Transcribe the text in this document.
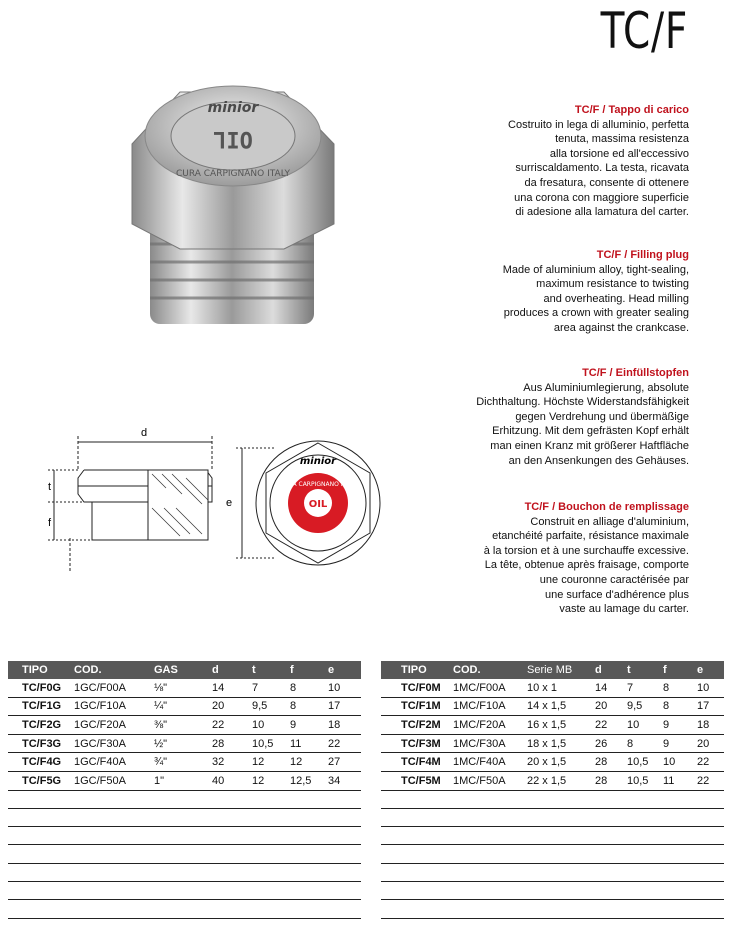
TC/F
minior
OIL
CURA CARPIGNANO ITALY
d
t
f
e
minior
OIL
CURA CARPIGNANO ITALY
TC/F / Tappo di carico

Costruito in lega di alluminio, perfetta
tenuta, massima resistenza
alla torsione ed all'eccessivo
surriscaldamento. La testa, ricavata
da fresatura, consente di ottenere
una corona con maggiore superficie
di adesione alla lamatura del carter.

TC/F / Filling plug

Made of aluminium alloy, tight-sealing,
maximum resistance to twisting
and overheating. Head milling
produces a crown with greater sealing
area against the crankcase.

TC/F / Einfüllstopfen

Aus Aluminiumlegierung, absolute
Dichthaltung. Höchste Widerstandsfähigkeit
gegen Verdrehung und übermäßige
Erhitzung. Mit dem gefrästen Kopf erhält
man einen Kranz mit größerer Haftfläche
an den Ansenkungen des Gehäuses.

TC/F / Bouchon de remplissage

Construit en alliage d'aluminium,
etanchéité parfaite, résistance maximale
à la torsion et à une surchauffe excessive.
La tête, obtenue après fraisage, comporte
une couronne caractérisée par
une surface d'adhérence plus
vaste au lamage du carter.

TIPO	COD.	GAS	d	t	f	e
TC/F0G	1GC/F00A	⅛"	14	7	8	10
TC/F1G	1GC/F10A	¼"	20	9,5	8	17
TC/F2G	1GC/F20A	⅜"	22	10	9	18
TC/F3G	1GC/F30A	½"	28	10,5	11	22
TC/F4G	1GC/F40A	¾"	32	12	12	27
TC/F5G	1GC/F50A	1"	40	12	12,5	34

TIPO	COD.	Serie MB	d	t	f	e
TC/F0M	1MC/F00A	10 x 1	14	7	8	10
TC/F1M	1MC/F10A	14 x 1,5	20	9,5	8	17
TC/F2M	1MC/F20A	16 x 1,5	22	10	9	18
TC/F3M	1MC/F30A	18 x 1,5	26	8	9	20
TC/F4M	1MC/F40A	20 x 1,5	28	10,5	10	22
TC/F5M	1MC/F50A	22 x 1,5	28	10,5	11	22
